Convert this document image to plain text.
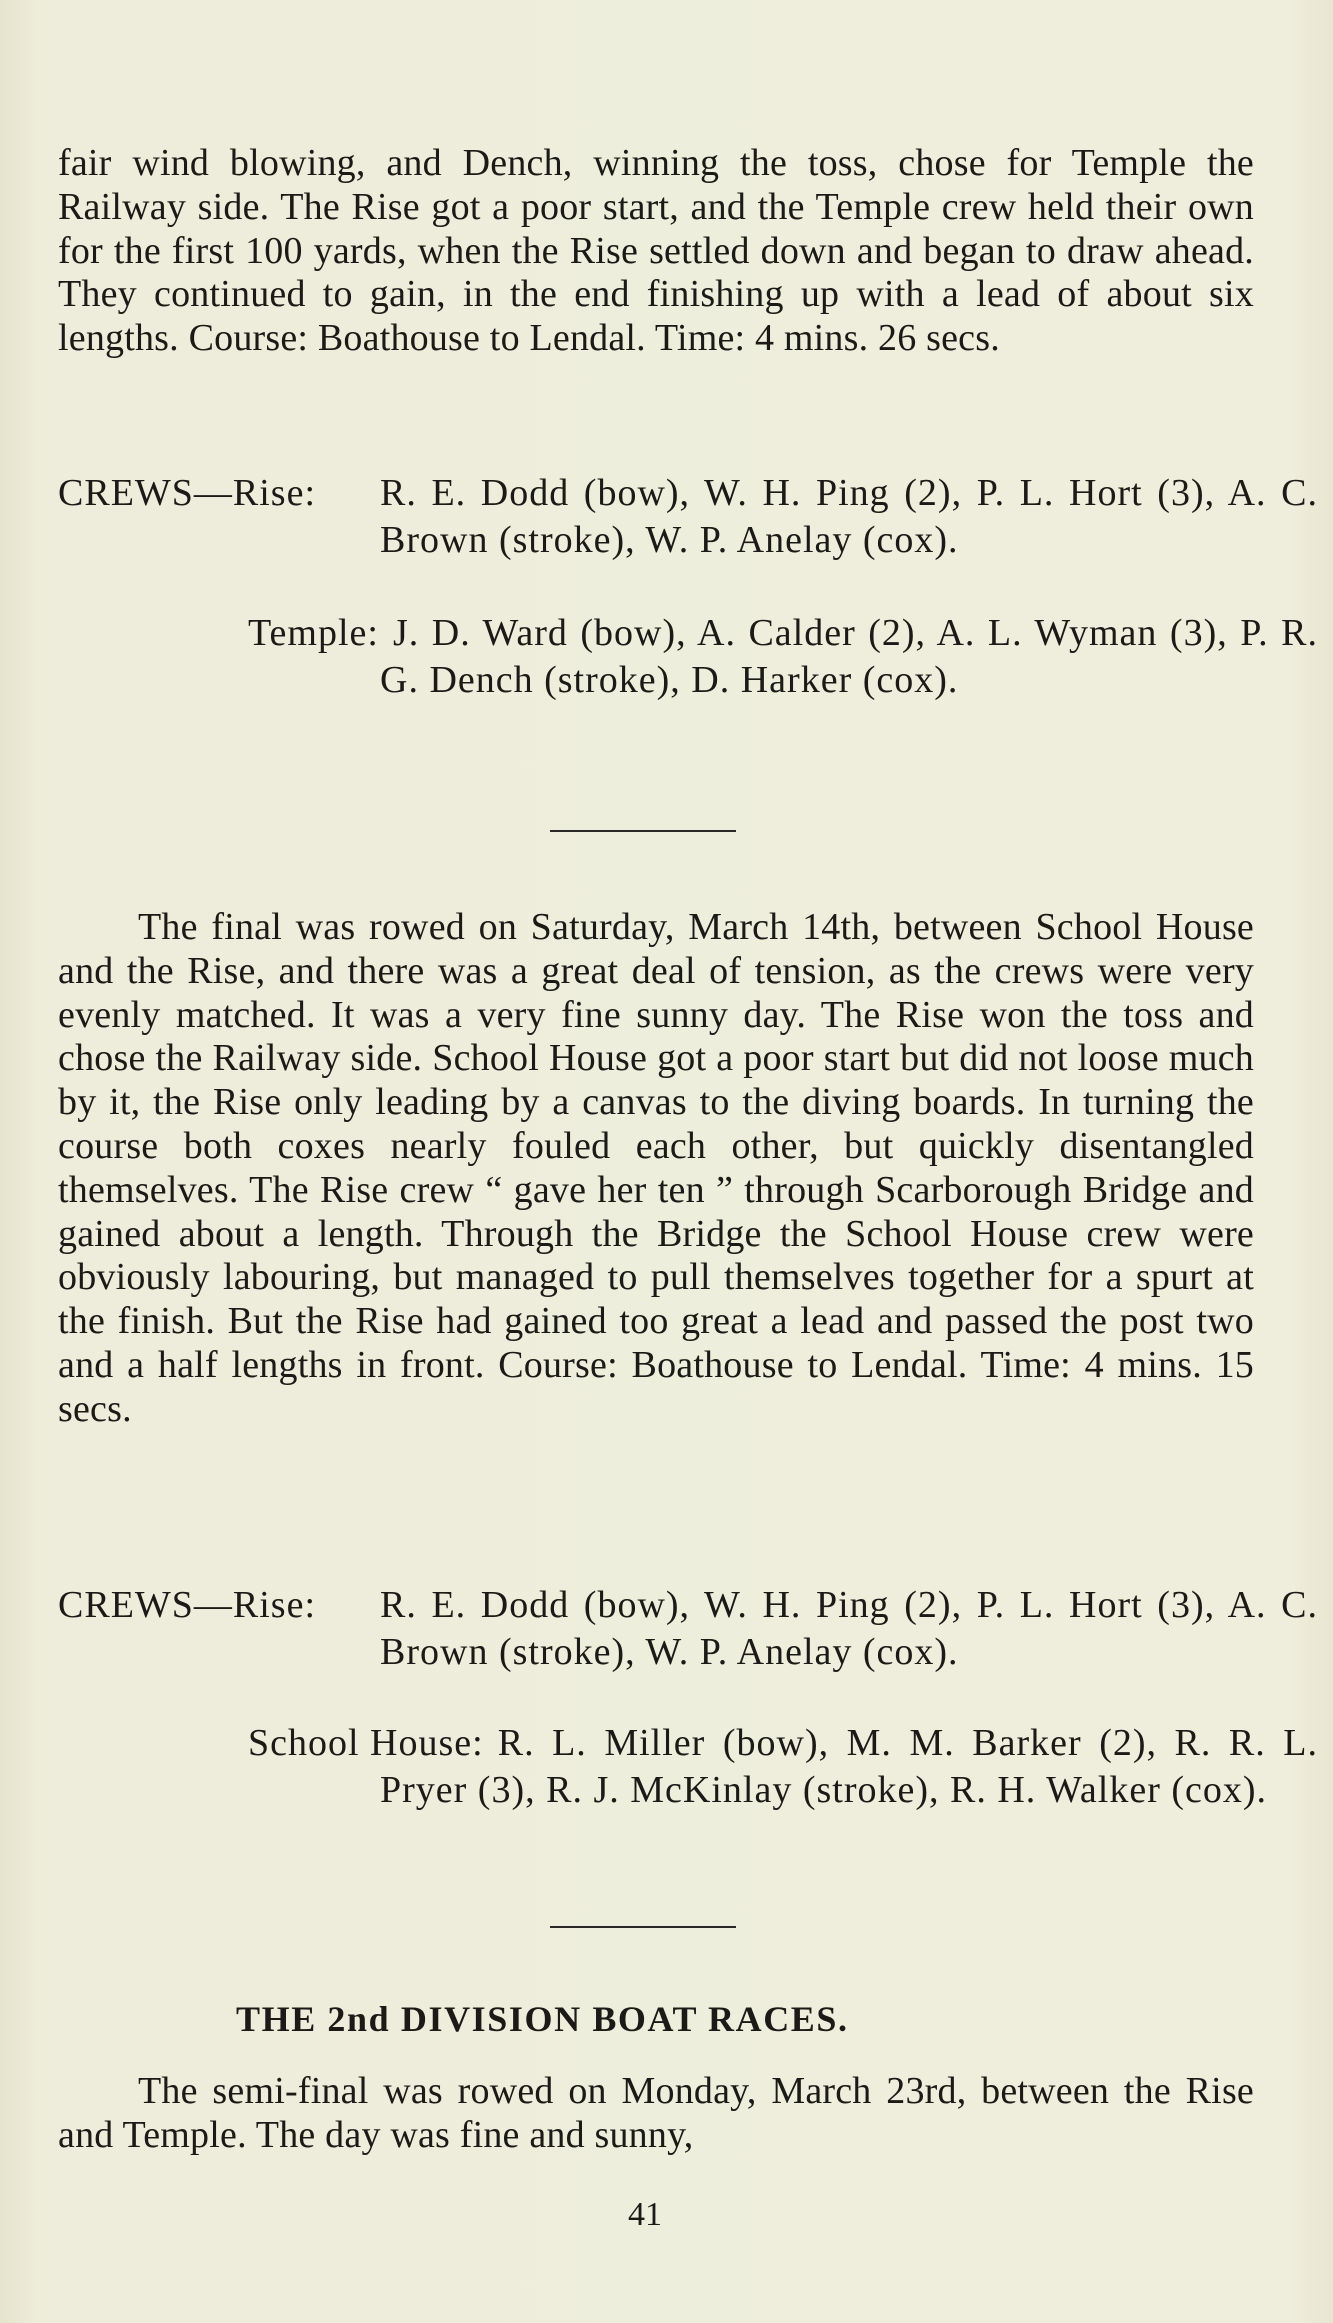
fair wind blowing, and Dench, winning the toss, chose for Temple the Railway side. The Rise got a poor start, and the Temple crew held their own for the first 100 yards, when the Rise settled down and began to draw ahead. They continued to gain, in the end finishing up with a lead of about six lengths. Course: Boathouse to Lendal. Time: 4 mins. 26 secs.

CREWS—Rise: R. E. Dodd (bow), W. H. Ping (2), P. L. Hort (3), A. C. Brown (stroke), W. P. Anelay (cox).
Temple: J. D. Ward (bow), A. Calder (2), A. L. Wyman (3), P. R. G. Dench (stroke), D. Harker (cox).

The final was rowed on Saturday, March 14th, between School House and the Rise, and there was a great deal of tension, as the crews were very evenly matched. It was a very fine sunny day. The Rise won the toss and chose the Railway side. School House got a poor start but did not loose much by it, the Rise only leading by a canvas to the diving boards. In turning the course both coxes nearly fouled each other, but quickly disentangled themselves. The Rise crew “ gave her ten ” through Scarborough Bridge and gained about a length. Through the Bridge the School House crew were obviously labouring, but managed to pull themselves together for a spurt at the finish. But the Rise had gained too great a lead and passed the post two and a half lengths in front. Course: Boathouse to Lendal. Time: 4 mins. 15 secs.

CREWS—Rise: R. E. Dodd (bow), W. H. Ping (2), P. L. Hort (3), A. C. Brown (stroke), W. P. Anelay (cox).
School House: R. L. Miller (bow), M. M. Barker (2), R. R. L. Pryer (3), R. J. McKinlay (stroke), R. H. Walker (cox).
THE 2nd DIVISION BOAT RACES.

The semi-final was rowed on Monday, March 23rd, between the Rise and Temple. The day was fine and sunny,

41
